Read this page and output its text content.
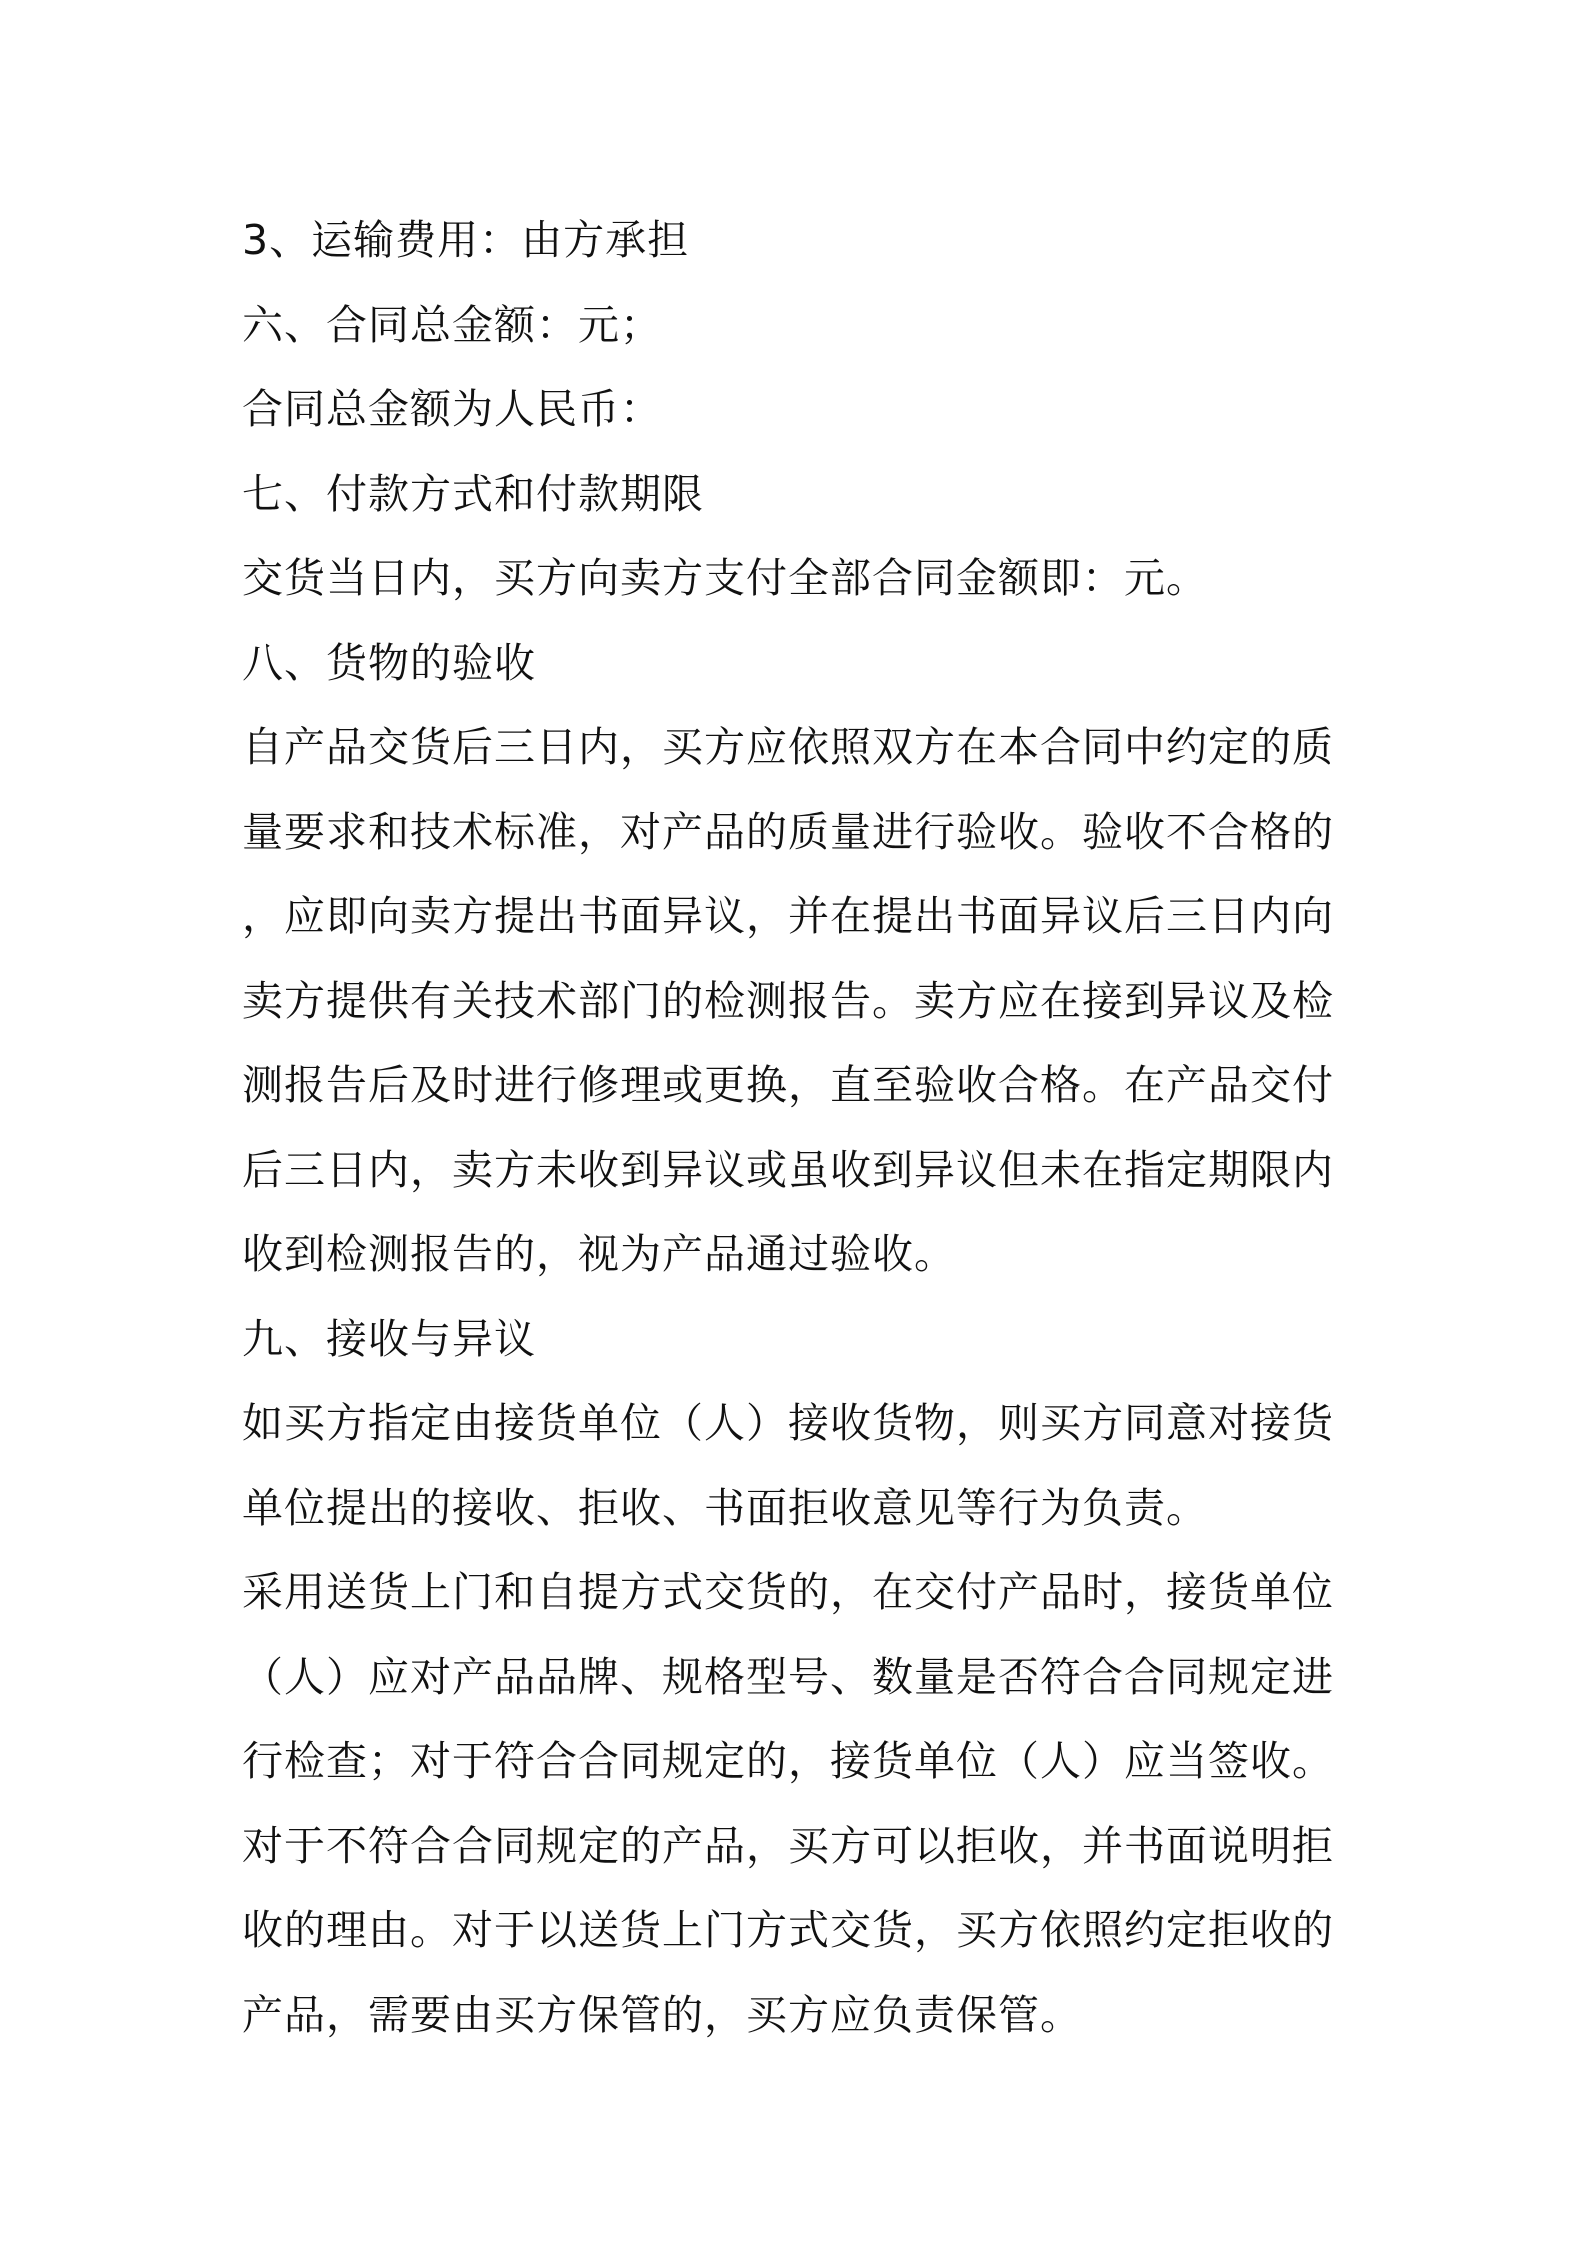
3、运输费用：由方承担
六、合同总金额：元；
合同总金额为人民币：
七、付款方式和付款期限
交货当日内，买方向卖方支付全部合同金额即：元。
八、货物的验收
自产品交货后三日内，买方应依照双方在本合同中约定的质
量要求和技术标准，对产品的质量进行验收。验收不合格的
，应即向卖方提出书面异议，并在提出书面异议后三日内向
卖方提供有关技术部门的检测报告。卖方应在接到异议及检
测报告后及时进行修理或更换，直至验收合格。在产品交付
后三日内，卖方未收到异议或虽收到异议但未在指定期限内
收到检测报告的，视为产品通过验收。
九、接收与异议
如买方指定由接货单位（人）接收货物，则买方同意对接货
单位提出的接收、拒收、书面拒收意见等行为负责。
采用送货上门和自提方式交货的，在交付产品时，接货单位
（人）应对产品品牌、规格型号、数量是否符合合同规定进
行检查；对于符合合同规定的，接货单位（人）应当签收。
对于不符合合同规定的产品，买方可以拒收，并书面说明拒
收的理由。对于以送货上门方式交货，买方依照约定拒收的
产品，需要由买方保管的，买方应负责保管。
